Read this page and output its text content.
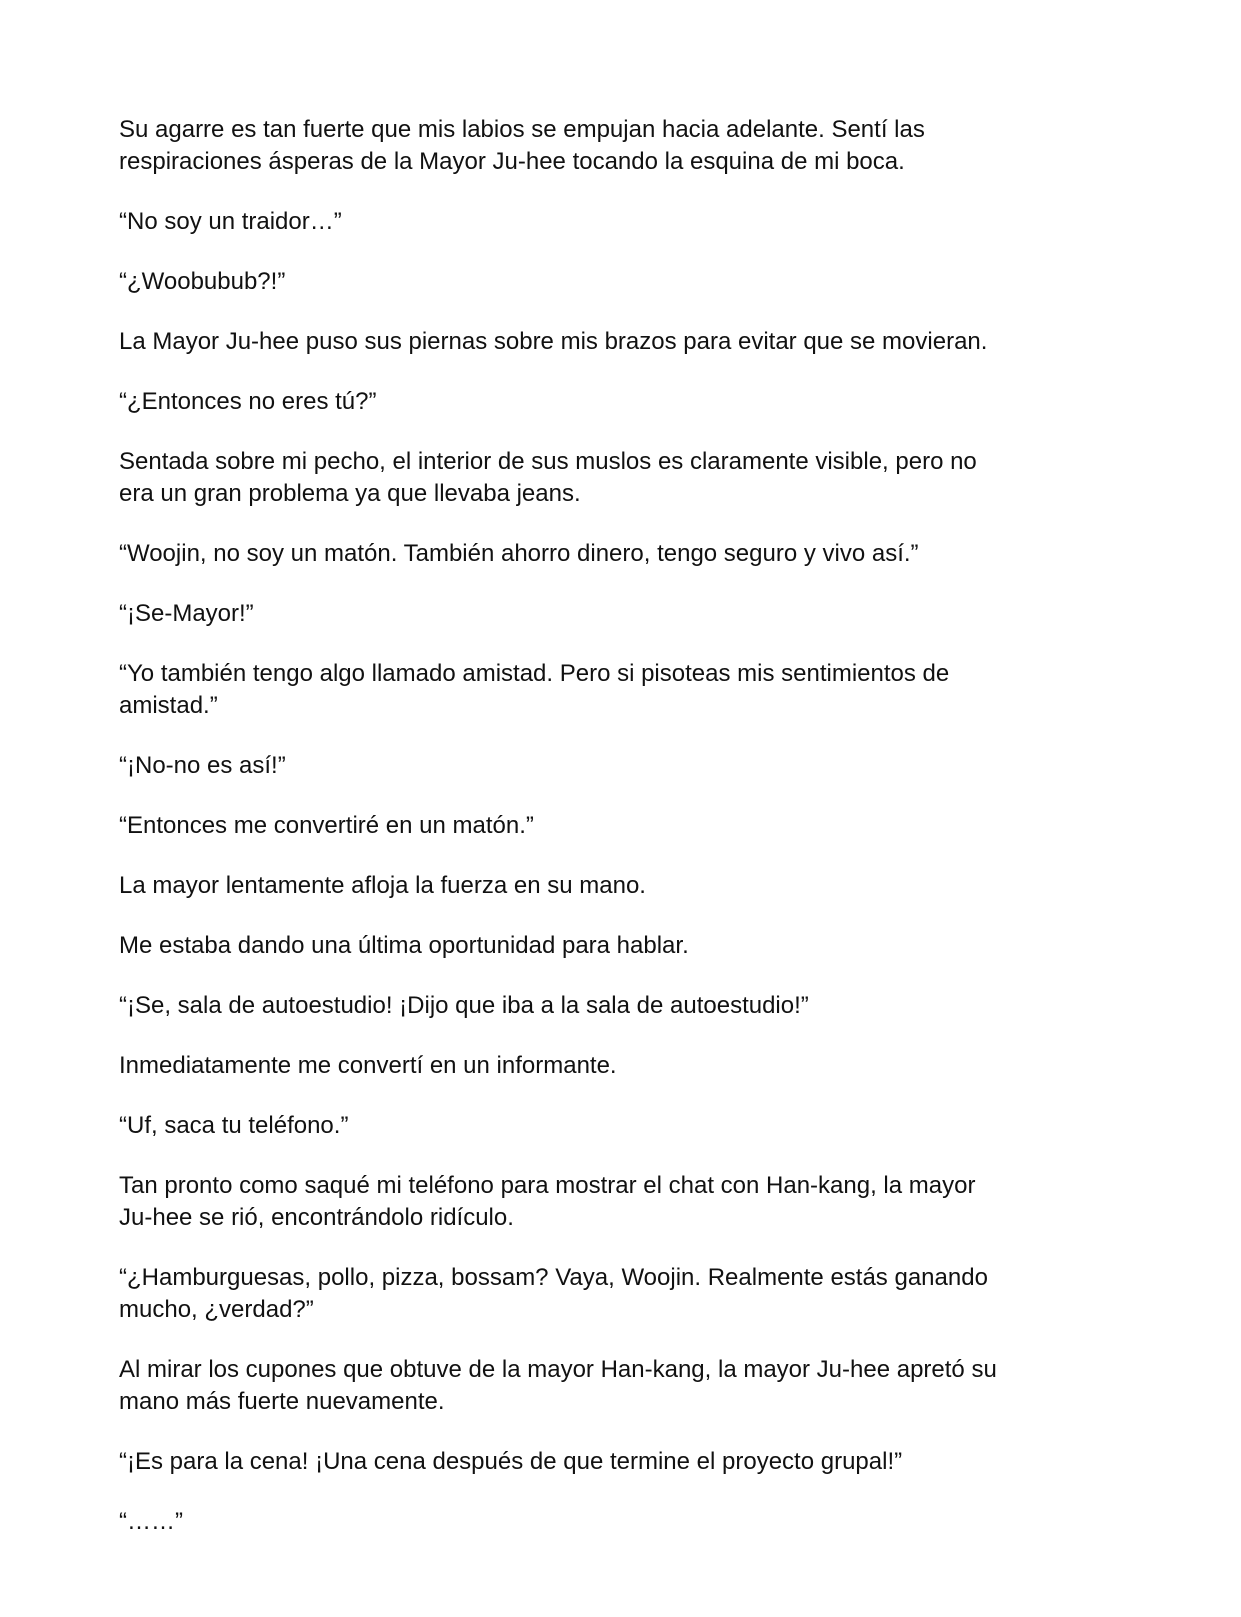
Su agarre es tan fuerte que mis labios se empujan hacia adelante. Sentí las
respiraciones ásperas de la Mayor Ju-hee tocando la esquina de mi boca.

“No soy un traidor…”

“¿Woobubub?!”

La Mayor Ju-hee puso sus piernas sobre mis brazos para evitar que se movieran.

“¿Entonces no eres tú?”

Sentada sobre mi pecho, el interior de sus muslos es claramente visible, pero no
era un gran problema ya que llevaba jeans.

“Woojin, no soy un matón. También ahorro dinero, tengo seguro y vivo así.”

“¡Se-Mayor!”

“Yo también tengo algo llamado amistad. Pero si pisoteas mis sentimientos de
amistad.”

“¡No-no es así!”

“Entonces me convertiré en un matón.”

La mayor lentamente afloja la fuerza en su mano.

Me estaba dando una última oportunidad para hablar.

“¡Se, sala de autoestudio! ¡Dijo que iba a la sala de autoestudio!”

Inmediatamente me convertí en un informante.

“Uf, saca tu teléfono.”

Tan pronto como saqué mi teléfono para mostrar el chat con Han-kang, la mayor
Ju-hee se rió, encontrándolo ridículo.

“¿Hamburguesas, pollo, pizza, bossam? Vaya, Woojin. Realmente estás ganando
mucho, ¿verdad?”

Al mirar los cupones que obtuve de la mayor Han-kang, la mayor Ju-hee apretó su
mano más fuerte nuevamente.

“¡Es para la cena! ¡Una cena después de que termine el proyecto grupal!”

“……”
